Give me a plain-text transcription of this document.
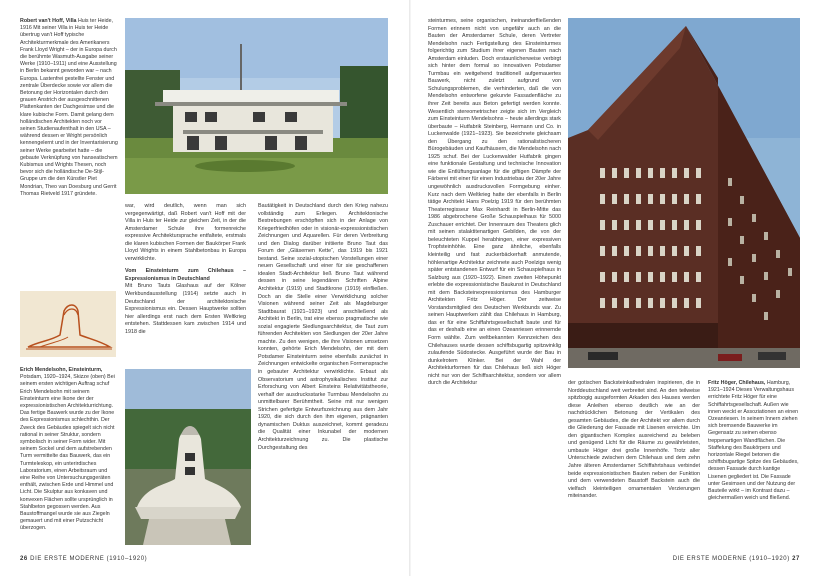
Robert van't Hoff, Villa Huis ter Heide, 1916 Mit seiner Villa in Huis ter Heide übertrug van't Hoff typische Architekturmerkmale des Amerikaners Frank Lloyd Wright – der in Europa durch die berühmte Wasmuth-Ausgabe seiner Werke (1910–1911) und eine Ausstellung in Berlin bekannt geworden war – nach Europa. Lastenfrei gestellte Fenster und zentrale Überdecke sowie vor allem die Betonung der Horizontalen durch den grauen Anstrich der ausgeschnittenen Plattenkanten der Dachgesimse und die klare kubische Form. Damit gelang dem holländischen Architekten noch vor seinen Studienaufenthalt in den USA – während dessen er Wright persönlich kennengelernt und in der Inventarisierung seiner Werke gearbeitet hatte – die gebaute Verknüpfung von hanseatischem Kubismus und Wrights Thesen, noch bevor sich die holländische De-Stijl-Gruppe um die den Künstler Piet Mondrian, Theo van Doesburg und Gerrit Thomas Rietveld 1917 gründete.

war, wird deutlich, wenn man sich vergegenwärtigt, daß Robert van't Hoff mit der Villa in Huis ter Heide zur gleichen Zeit, in der die Amsterdamer Schule ihre formenreiche expressive Architektursprache entfaltete, erstmals die klaren kubischen Formen der Baukörper Frank Lloyd Wrights in einem Stahlbetonbau in Europa verwirklichte.

Vom Einsteinturm zum Chilehaus – Expressionismus in Deutschland

Mit Bruno Tauts Glashaus auf der Kölner Werkbundausstellung (1914) setzte auch in Deutschland der architektonische Expressionismus ein. Dessen Hauptwerke sollten hier allerdings erst nach dem Ersten Weltkrieg entstehen. Stattdessen kam zwischen 1914 und 1918 die

Bautätigkeit in Deutschland durch den Krieg nahezu vollständig zum Erliegen. Architektonische Bestrebungen erschöpften sich in der Anlage von Kriegerfriedhöfen oder in visionär-expressionistischen Zeichnungen und Aquarellen. Für deren Verbreitung und den Dialog darüber initiierte Bruno Taut das Forum der „Gläsernen Kette“, das 1919 bis 1921 bestand. Seine sozial-utopischen Vorstellungen einer neuen Gesellschaft und einer für sie geschaffenen idealen Stadt-Architektur ließ Bruno Taut während dessen in seine legendären Schriften Alpine Architektur (1919) und Stadtkrone (1919) einfließen. Doch an die Stelle einer Verwirklichung solcher Visionen während seiner Zeit als Magdeburger Stadtbaurat (1921–1923) und anschließend als Architekt in Berlin, trat eine ebenso pragmatische wie sozial engagierte Siedlungsarchitektur, die Taut zum führenden Architekten von Siedlungen der 20er Jahre machte. Zu den wenigen, die ihre Visionen umsetzen konnten, gehörte Erich Mendelsohn, der mit dem Potsdamer Einsteinturm seine ebenfalls zunächst in Zeichnungen entwickelte organischen Formensprache in gebauter Architektur verwirklichte. Erbaut als Observatorium und astrophysikalisches Institut zur Erforschung von Albert Einsteins Relativitätstheorie, verhalf der ausdrucksstarke Turmbau Mendelsohn zu unmittelbarer Berühmtheit. Seine mit nur wenigen Strichen gefertigte Entwurfszeichnung aus dem Jahr 1920, die sich durch den ihm eigenen, prägnanten dynamischen Duktus auszeichnet, kommt geradezu die Qualität einer Inkunabel der modernen Architekturzeichnung zu. Die plastische Durchgestaltung des

Erich Mendelsohn, Einsteinturm, Potsdam, 1920–1924, Skizze (oben) Bei seinem ersten wichtigen Auftrag schuf Erich Mendelsohn mit seinem Einsteinturm eine Ikone der der expressionistischen Architekturrichtung. Das fertige Bauwerk wurde zu der Ikone des Expressionismus schlechthin. Der Zweck des Gebäudes spiegelt sich nicht rational in seiner Struktur, sondern symbolisch in seiner Form wider. Mit seinem Sockel und dem aufstrebenden Turm vermittelte das Bauwerk, das ein Turmteleskop, ein unterirdisches Laboratorium, einen Arbeitsraum und eine Reihe von Untersuchungsgeräten enthält, zwischen Erde und Himmel und Licht. Die Skulptur aus konkaven und konvexen Flächen sollte ursprünglich in Stahlbeton gegossen werden. Aus Baustoffmangel wurde sie aus Ziegeln gemauert und mit einer Putzschicht überzogen.
26 DIE ERSTE MODERNE (1910–1920)

steinturmes, seine organischen, ineinanderfließenden Formen erinnern nicht von ungefähr auch an die Bauten der Amsterdamer Schule, deren Vertreter Mendelsohn nach Fertigstellung des Einsteinturmes folgerichtig zum Studium ihrer eigenen Bauten nach Amsterdam einluden. Doch erstaunlicherweise verbirgt sich hinter dem formal so innovativen Potsdamer Turmbau ein weitgehend traditionell aufgemauertes Bauwerk, nicht zuletzt aufgrund von Schulungsproblemen, die verhinderten, daß die von Mendelsohn entworfene gekurvte Fassadenfläche zu ihrer Zeit bereits aus Beton gefertigt werden konnte. Wesentlich stereometrischer zeigte sich im Vergleich zum Einsteinturm Mendelsohns – heute allerdings stark überbaute – Hutfabrik Steinberg, Hermann und Co. in Luckenwalde (1921–1923). Sie bezeichnete gleichsam den Übergang zu den rationalistischeren Bürogebäuden und Kaufhäusern, die Mendelsohn nach 1925 schuf. Bei der Luckenwalder Hutfabrik gingen eine funktionale Gestaltung und technische Innovation wie die Entlüftungsanlage für die giftigen Dämpfe der Färberei mit einer für einen Industriebau der 20er Jahre ungewöhnlich ausdrucksvollen Formgebung einher. Kurz nach dem Weltkrieg hatte der ebenfalls in Berlin tätige Architekt Hans Poelzig 1919 für den berühmten Theaterregisseur Max Reinhardt in Berlin-Mitte das 1986 abgebrochene Große Schauspielhaus für 5000 Zuschauer errichtet. Der Innenraum des Theaters glich mit seinen stalaktitenartigen Gebilden, die von der beleuchteten Kuppel herabhingen, einer expressiven Tropfsteinhöhle. Eine ganz ähnliche, ebenfalls kleinteilig und fast zuckerbäckerhaft anmutende, höhlenartige Architektur zeichnete auch Poelzigs wenig später entstandenen Entwurf für ein Schauspielhaus in Salzburg aus (1920–1922). Einen zweiten Höhepunkt erlebte die expressionistische Baukunst in Deutschland mit dem Backsteinexpressionismus des Hamburger Architekten Fritz Höger. Der zeitweise Vorstandsmitglied des Deutschen Werkbunds war. Zu seinen Hauptwerken zählt das Chilehaus in Hamburg, das er für eine Schiffahrtsgesellschaft baute und für das er deshalb eine an einen Ozeanriesen erinnernde Form wählte. Zum weltbekannten Kennzeichen des Chilehauses wurde dessen schiffsbugartig spitzwinklig zulaufende Südostecke. Ausgeführt wurde der Bau in dunkelrotem Klinker. Bei der Wahl der Architekturformen für das Chilehaus ließ sich Höger nicht nur von der Schiffsarchitektur, sondern vor allem durch die Architektur	der gotischen Backsteinkathedralen inspirieren, die in Norddeutschland weit verbreitet sind. An den teilweise spitzbogig ausgeformten Arkaden des Hauses werden diese Anleihen ebenso deutlich wie an der nachdrücklichen Betonung der Vertikalen des gesamten Gebäudes, die der Architekt vor allem durch die Gliederung der Fassade mit Lisenen erreichte. Um den gigantischen Komplex ausreichend zu beleben und genügend Licht für die Räume zu gewährleisten, umbaute Höger drei große Innenhöfe. Trotz aller Unterschiede zwischen dem Chilehaus und dem zehn Jahre älteren Amsterdamer Schiffahrtshaus verbindet beide expressionistischen Bauten neben der Funktion und dem verwendeten Baustoff Backstein auch die vielfach kleinteiligen ornamentalen Verzierungen miteinander.

Fritz Höger, Chilehaus, Hamburg, 1921–1924 Dieses Verwaltungshaus errichtete Fritz Höger für eine Schiffahrtsgesellschaft. Außen wie innen weckt er Assoziationen an einen Ozeanriesen. In seinem Innern ziehen sich bremsende Bauwerke im Gegensatz zu seinen ebenso treppenartigen Wandflächen. Die Staffelung des Baukörpers und horizontale Riegel betonen die schiffsbugartige Spitze des Gebäudes, dessen Fassade durch kantige Lisenen gegliedert ist. Die Fassade unter Gesimsen und der Nutzung der Bauteile wirkt – im Kontrast dazu – gleichermaßen weich und fließend.
DIE ERSTE MODERNE (1910–1920) 27
